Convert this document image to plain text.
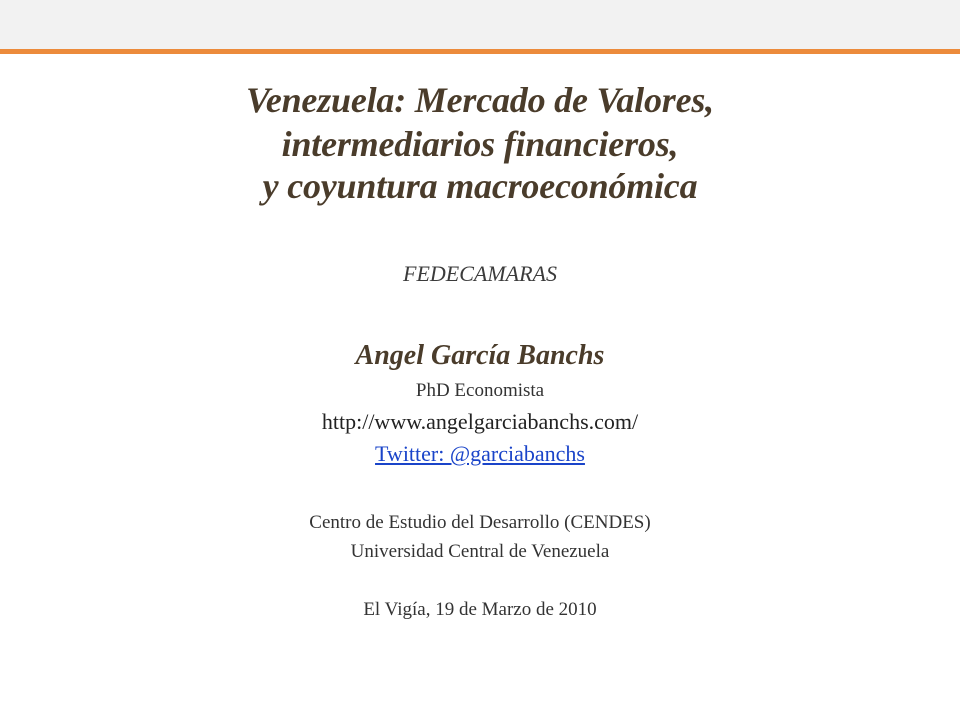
Venezuela: Mercado de Valores,
intermediarios financieros,
y coyuntura macroeconómica
FEDECAMARAS
Angel García Banchs
PhD Economista
http://www.angelgarciabanchs.com/
Twitter: @garciabanchs
Centro de Estudio del Desarrollo (CENDES)
Universidad Central de Venezuela
El Vigía, 19 de Marzo de 2010
